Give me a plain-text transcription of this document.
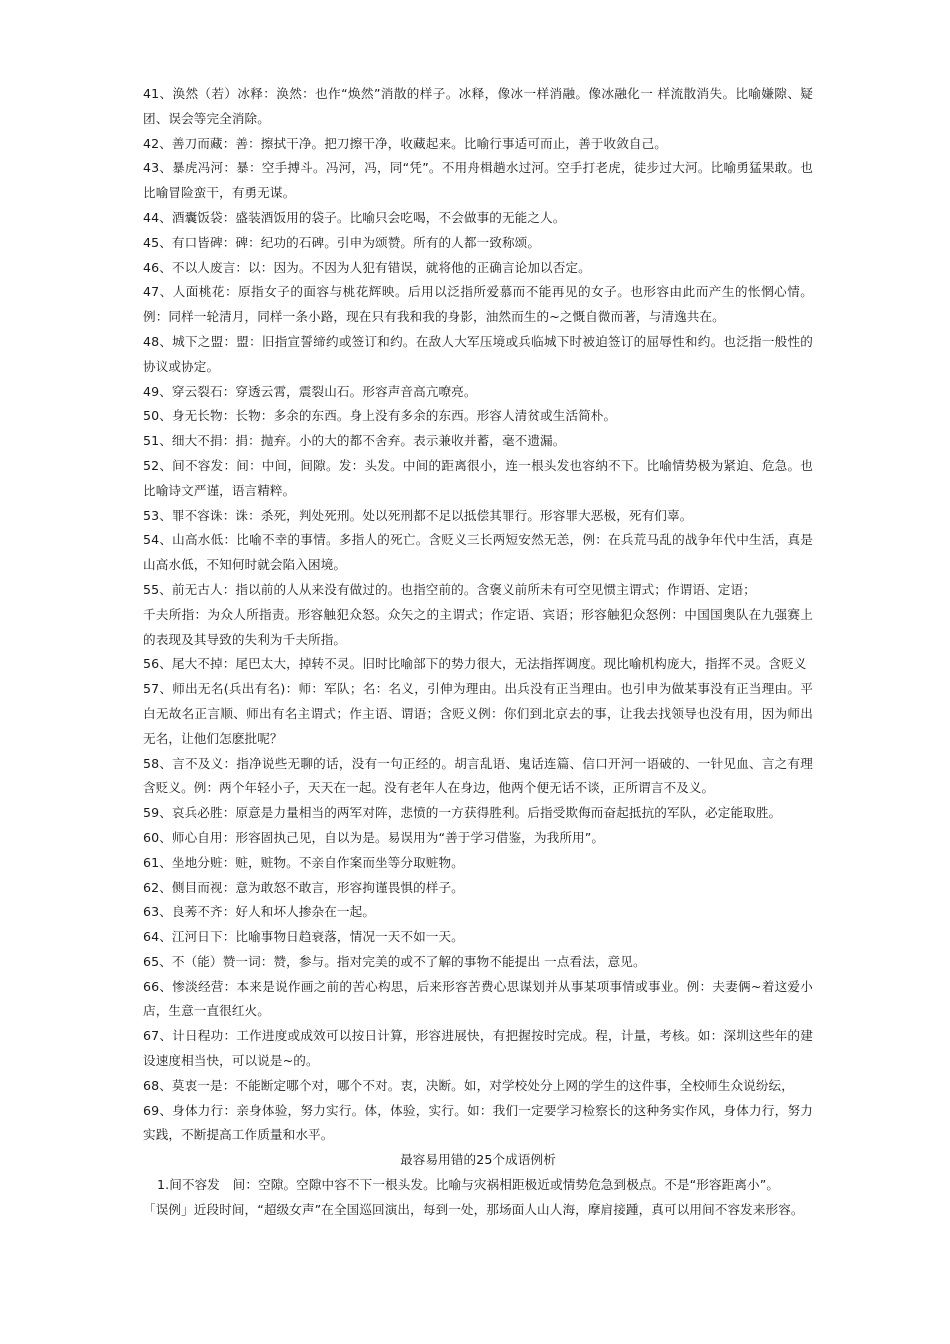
41、涣然（若）冰释：涣然：也作“焕然”消散的样子。冰释，像冰一样消融。像冰融化一 样流散消失。比喻嫌隙、疑团、误会等完全消除。

42、善刀而藏：善：擦拭干净。把刀擦干净，收藏起来。比喻行事适可而止，善于收敛自己。

43、暴虎冯河：暴：空手搏斗。冯河，冯，同“凭”。不用舟楫趟水过河。空手打老虎，徒步过大河。比喻勇猛果敢。也比喻冒险蛮干，有勇无谋。

44、酒囊饭袋：盛装酒饭用的袋子。比喻只会吃喝，不会做事的无能之人。

45、有口皆碑：碑：纪功的石碑。引申为颂赞。所有的人都一致称颂。

46、不以人废言：以：因为。不因为人犯有错误，就将他的正确言论加以否定。

47、人面桃花：原指女子的面容与桃花辉映。后用以泛指所爱慕而不能再见的女子。也形容由此而产生的怅惘心情。例：同样一轮清月，同样一条小路，现在只有我和我的身影，油然而生的~之慨自微而著，与清逸共在。

48、城下之盟：盟：旧指宣誓缔约或签订和约。在敌人大军压境或兵临城下时被迫签订的屈辱性和约。也泛指一般性的协议或协定。

49、穿云裂石：穿透云霄，震裂山石。形容声音高亢嘹亮。

50、身无长物：长物：多余的东西。身上没有多余的东西。形容人清贫或生活简朴。

51、细大不捐：捐：抛弃。小的大的都不舍弃。表示兼收并蓄，毫不遗漏。

52、间不容发：间：中间，间隙。发：头发。中间的距离很小，连一根头发也容纳不下。比喻情势极为紧迫、危急。也比喻诗文严谨，语言精粹。

53、罪不容诛：诛：杀死，判处死刑。处以死刑都不足以抵偿其罪行。形容罪大恶极，死有们辜。

54、山高水低：比喻不幸的事情。多指人的死亡。含贬义三长两短安然无恙，例：在兵荒马乱的战争年代中生活，真是山高水低，不知何时就会陷入困境。

55、前无古人：指以前的人从来没有做过的。也指空前的。含褒义前所未有可空见惯主谓式；作谓语、定语；

千夫所指：为众人所指责。形容触犯众怒。众矢之的主谓式；作定语、宾语；形容触犯众怒例：中国国奥队在九强赛上的表现及其导致的失利为千夫所指。

56、尾大不掉：尾巴太大，掉转不灵。旧时比喻部下的势力很大，无法指挥调度。现比喻机构庞大，指挥不灵。含贬义

57、师出无名(兵出有名)：师：军队；名：名义，引伸为理由。出兵没有正当理由。也引申为做某事没有正当理由。平白无故名正言顺、师出有名主谓式；作主语、谓语；含贬义例：你们到北京去的事，让我去找领导也没有用，因为师出无名，让他们怎麽批呢？

58、言不及义：指净说些无聊的话，没有一句正经的。胡言乱语、鬼话连篇、信口开河一语破的、一针见血、言之有理含贬义。例：两个年轻小子，天天在一起。没有老年人在身边，他两个便无话不谈，正所谓言不及义。

59、哀兵必胜：原意是力量相当的两军对阵，悲愤的一方获得胜利。后指受欺侮而奋起抵抗的军队，必定能取胜。

60、师心自用：形容固执己见，自以为是。易误用为“善于学习借鉴，为我所用”。

61、坐地分赃：赃，赃物。不亲自作案而坐等分取赃物。

62、侧目而视：意为敢怒不敢言，形容拘谨畏惧的样子。

63、良莠不齐：好人和坏人掺杂在一起。

64、江河日下：比喻事物日趋衰落，情况一天不如一天。

65、不（能）赞一词：赞，参与。指对完美的或不了解的事物不能提出 一点看法，意见。

66、惨淡经营：本来是说作画之前的苦心构思，后来形容苦费心思谋划并从事某项事情或事业。例：夫妻俩~着这爱小店，生意一直很红火。

67、计日程功：工作进度或成效可以按日计算，形容进展快，有把握按时完成。程，计量，考核。如：深圳这些年的建设速度相当快，可以说是~的。

68、莫衷一是：不能断定哪个对，哪个不对。衷，决断。如，对学校处分上网的学生的这件事，全校师生众说纷纭，

69、身体力行：亲身体验，努力实行。体，体验，实行。如：我们一定要学习检察长的这种务实作风，身体力行，努力实践，不断提高工作质量和水平。

最容易用错的25个成语例析

1.间不容发　间：空隙。空隙中容不下一根头发。比喻与灾祸相距极近或情势危急到极点。不是“形容距离小”。

「误例」近段时间，“超级女声”在全国巡回演出，每到一处，那场面人山人海，摩肩接踵，真可以用间不容发来形容。
